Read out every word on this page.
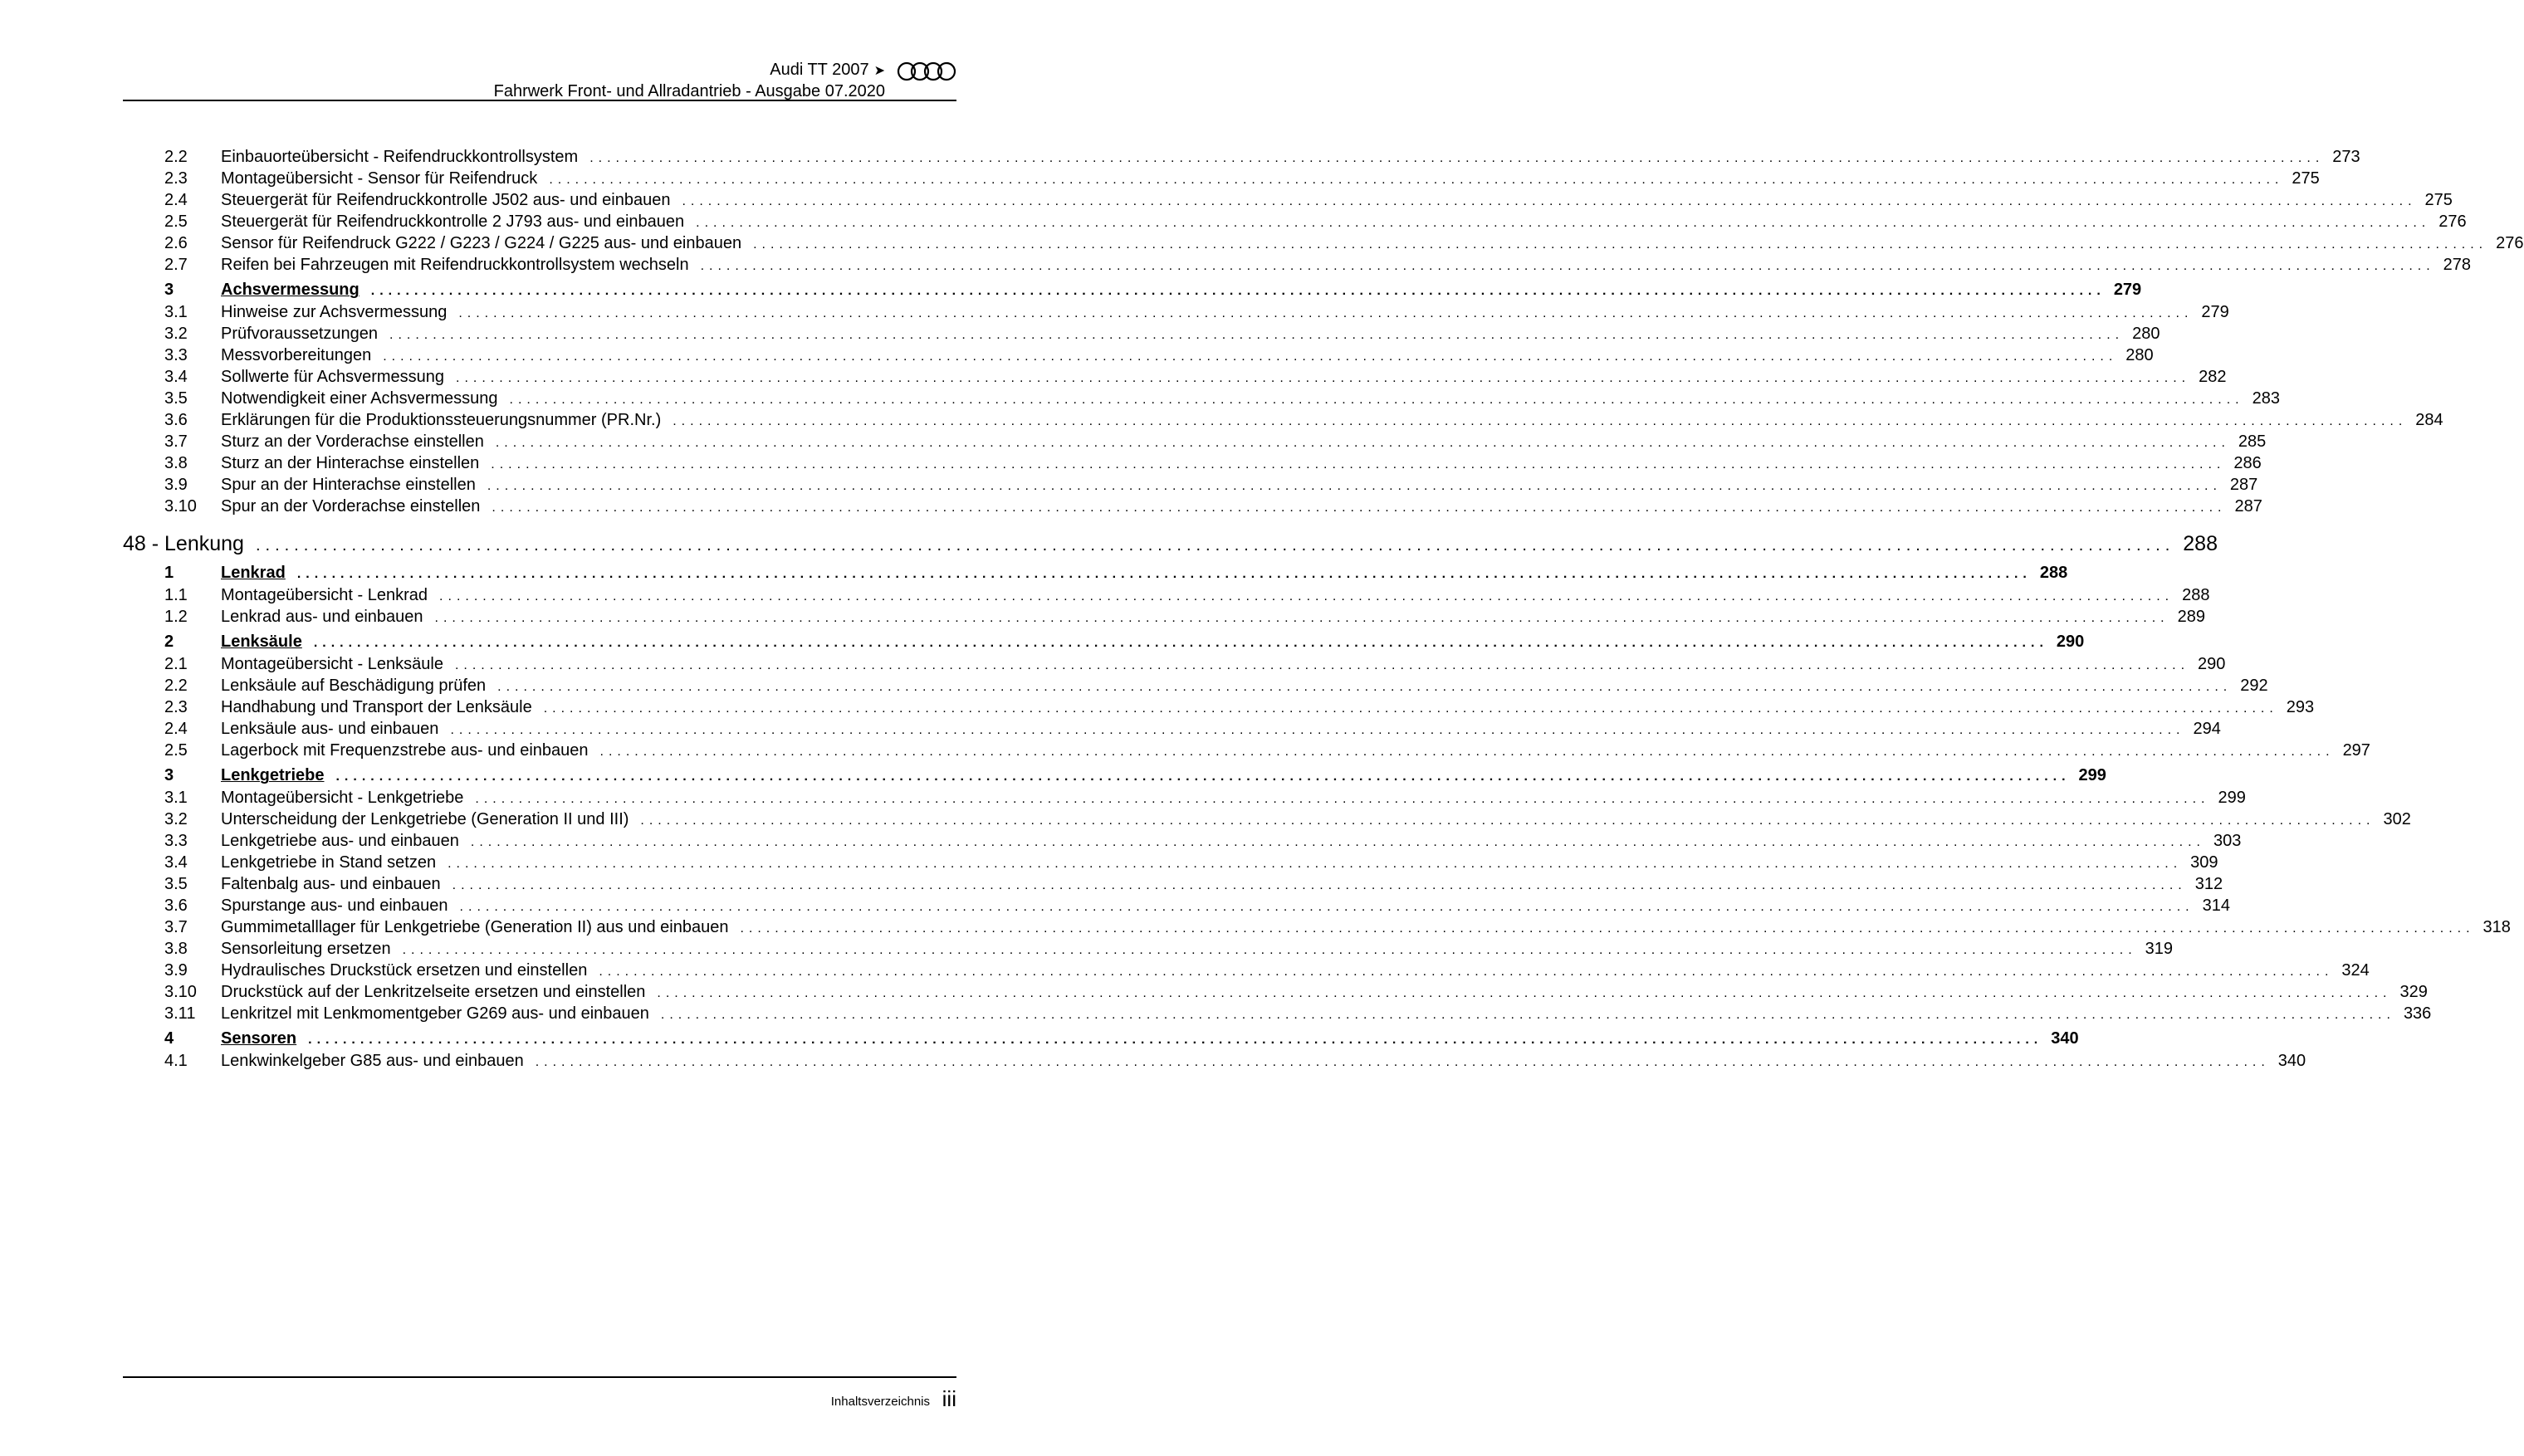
Audi TT 2007 ➤
Fahrwerk Front- und Allradantrieb - Ausgabe 07.2020
2.2	Einbauorteübersicht - Reifendruckkontrollsystem ........................................................................................................................................................................................................ 273
2.3	Montageübersicht - Sensor für Reifendruck ........................................................................................................................................................................................................ 275
2.4	Steuergerät für Reifendruckkontrolle J502 aus- und einbauen ........................................................................................................................................................................................................ 275
2.5	Steuergerät für Reifendruckkontrolle 2 J793 aus- und einbauen ........................................................................................................................................................................................................ 276
2.6	Sensor für Reifendruck G222 / G223 / G224 / G225 aus- und einbauen ........................................................................................................................................................................................................ 276
2.7	Reifen bei Fahrzeugen mit Reifendruckkontrollsystem wechseln ........................................................................................................................................................................................................ 278
3	Achsvermessung ........................................................................................................................................................................................................ 279
3.1	Hinweise zur Achsvermessung ........................................................................................................................................................................................................ 279
3.2	Prüfvoraussetzungen ........................................................................................................................................................................................................ 280
3.3	Messvorbereitungen ........................................................................................................................................................................................................ 280
3.4	Sollwerte für Achsvermessung ........................................................................................................................................................................................................ 282
3.5	Notwendigkeit einer Achsvermessung ........................................................................................................................................................................................................ 283
3.6	Erklärungen für die Produktionssteuerungsnummer (PR.Nr.) ........................................................................................................................................................................................................ 284
3.7	Sturz an der Vorderachse einstellen ........................................................................................................................................................................................................ 285
3.8	Sturz an der Hinterachse einstellen ........................................................................................................................................................................................................ 286
3.9	Spur an der Hinterachse einstellen ........................................................................................................................................................................................................ 287
3.10	Spur an der Vorderachse einstellen ........................................................................................................................................................................................................ 287
48 - Lenkung ........................................................................................................................................................................................................ 288
1	Lenkrad ........................................................................................................................................................................................................ 288
1.1	Montageübersicht - Lenkrad ........................................................................................................................................................................................................ 288
1.2	Lenkrad aus- und einbauen ........................................................................................................................................................................................................ 289
2	Lenksäule ........................................................................................................................................................................................................ 290
2.1	Montageübersicht - Lenksäule ........................................................................................................................................................................................................ 290
2.2	Lenksäule auf Beschädigung prüfen ........................................................................................................................................................................................................ 292
2.3	Handhabung und Transport der Lenksäule ........................................................................................................................................................................................................ 293
2.4	Lenksäule aus- und einbauen ........................................................................................................................................................................................................ 294
2.5	Lagerbock mit Frequenzstrebe aus- und einbauen ........................................................................................................................................................................................................ 297
3	Lenkgetriebe ........................................................................................................................................................................................................ 299
3.1	Montageübersicht - Lenkgetriebe ........................................................................................................................................................................................................ 299
3.2	Unterscheidung der Lenkgetriebe (Generation II und III) ........................................................................................................................................................................................................ 302
3.3	Lenkgetriebe aus- und einbauen ........................................................................................................................................................................................................ 303
3.4	Lenkgetriebe in Stand setzen ........................................................................................................................................................................................................ 309
3.5	Faltenbalg aus- und einbauen ........................................................................................................................................................................................................ 312
3.6	Spurstange aus- und einbauen ........................................................................................................................................................................................................ 314
3.7	Gummimetalllager für Lenkgetriebe (Generation II) aus und einbauen ........................................................................................................................................................................................................ 318
3.8	Sensorleitung ersetzen ........................................................................................................................................................................................................ 319
3.9	Hydraulisches Druckstück ersetzen und einstellen ........................................................................................................................................................................................................ 324
3.10	Druckstück auf der Lenkritzelseite ersetzen und einstellen ........................................................................................................................................................................................................ 329
3.11	Lenkritzel mit Lenkmomentgeber G269 aus- und einbauen ........................................................................................................................................................................................................ 336
4	Sensoren ........................................................................................................................................................................................................ 340
4.1	Lenkwinkelgeber G85 aus- und einbauen ........................................................................................................................................................................................................ 340
Inhaltsverzeichnis iii
